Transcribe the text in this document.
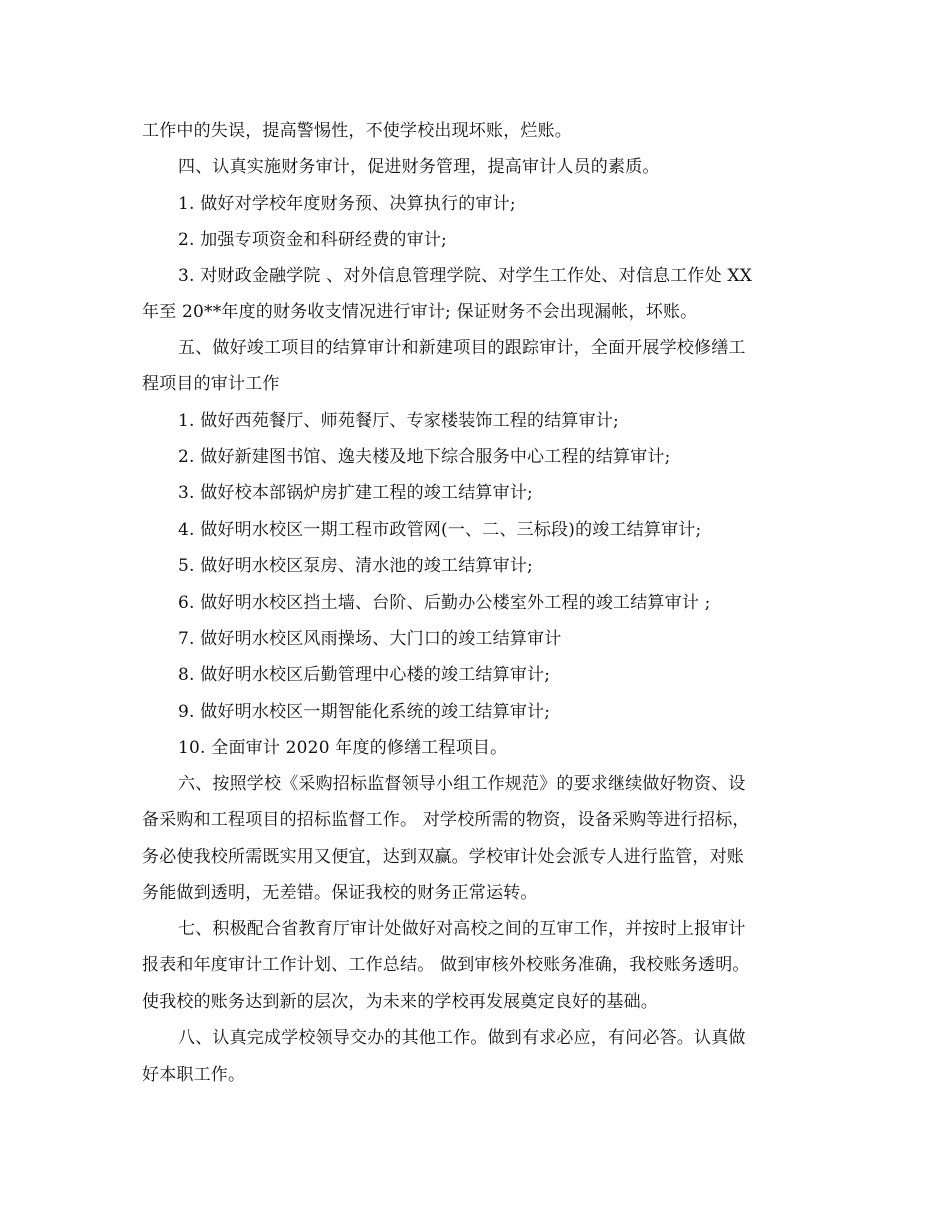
工作中的失误，提高警惕性，不使学校出现坏账，烂账。
四、认真实施财务审计，促进财务管理，提高审计人员的素质。
1. 做好对学校年度财务预、决算执行的审计;
2. 加强专项资金和科研经费的审计;
3. 对财政金融学院 、对外信息管理学院、对学生工作处、对信息工作处 XX
年至 20**年度的财务收支情况进行审计; 保证财务不会出现漏帐，坏账。
五、做好竣工项目的结算审计和新建项目的跟踪审计，全面开展学校修缮工
程项目的审计工作
1. 做好西苑餐厅、师苑餐厅、专家楼装饰工程的结算审计;
2. 做好新建图书馆、逸夫楼及地下综合服务中心工程的结算审计;
3. 做好校本部锅炉房扩建工程的竣工结算审计;
4. 做好明水校区一期工程市政管网(一、二、三标段)的竣工结算审计;
5. 做好明水校区泵房、清水池的竣工结算审计;
6. 做好明水校区挡土墙、台阶、后勤办公楼室外工程的竣工结算审计 ;
7. 做好明水校区风雨操场、大门口的竣工结算审计
8. 做好明水校区后勤管理中心楼的竣工结算审计;
9. 做好明水校区一期智能化系统的竣工结算审计;
10. 全面审计 2020 年度的修缮工程项目。
六、按照学校《采购招标监督领导小组工作规范》的要求继续做好物资、设
备采购和工程项目的招标监督工作。 对学校所需的物资，设备采购等进行招标，
务必使我校所需既实用又便宜，达到双赢。学校审计处会派专人进行监管，对账
务能做到透明，无差错。保证我校的财务正常运转。
七、积极配合省教育厅审计处做好对高校之间的互审工作，并按时上报审计
报表和年度审计工作计划、工作总结。 做到审核外校账务准确，我校账务透明。
使我校的账务达到新的层次，为未来的学校再发展奠定良好的基础。
八、认真完成学校领导交办的其他工作。做到有求必应，有问必答。认真做
好本职工作。
